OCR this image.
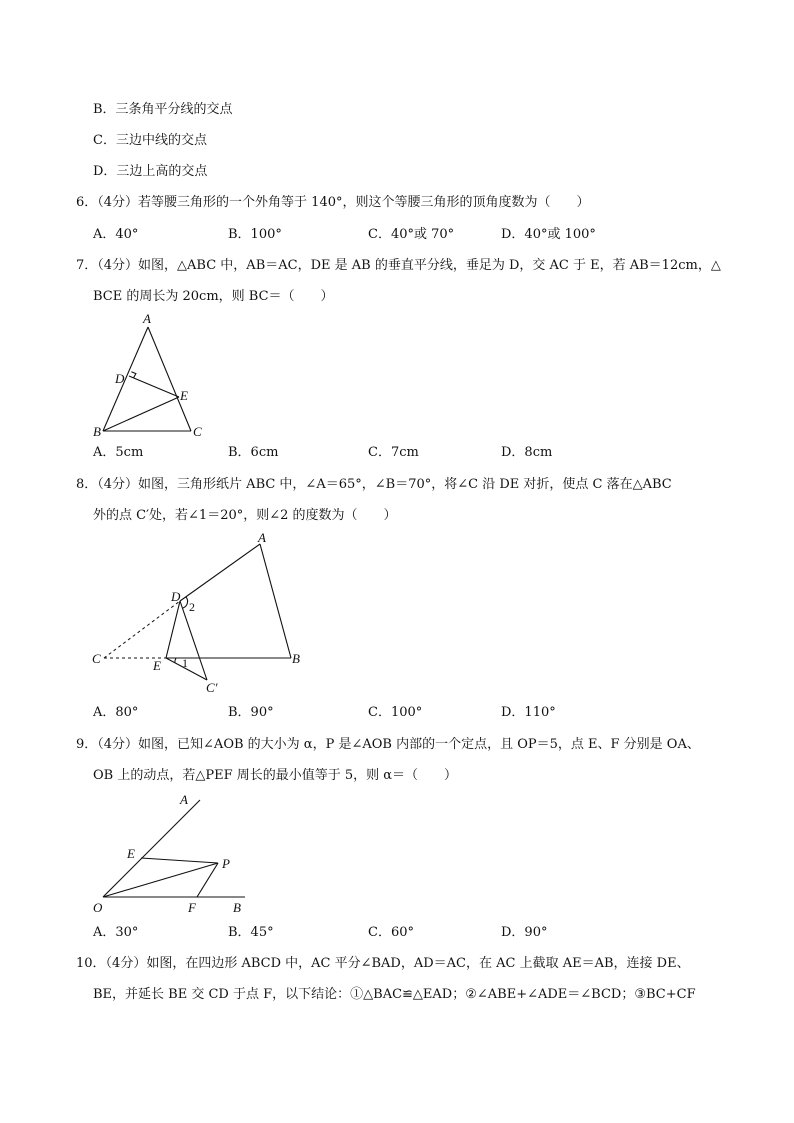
B．三条角平分线的交点
C．三边中线的交点
D．三边上高的交点
6．（4分）若等腰三角形的一个外角等于 140°，则这个等腰三角形的顶角度数为（　　）
A．40°	B．100°	C．40°或 70°	D．40°或 100°
7．（4分）如图，△ABC 中，AB＝AC，DE 是 AB 的垂直平分线，垂足为 D，交 AC 于 E，若 AB＝12cm，△
BCE 的周长为 20cm，则 BC＝（　　）
A
D
E
B	C
A．5cm	B．6cm	C．7cm	D．8cm
8．（4分）如图，三角形纸片 ABC 中，∠A＝65°，∠B＝70°，将∠C 沿 DE 对折，使点 C 落在△ABC
外的点 C′处，若∠1＝20°，则∠2 的度数为（　　）
A
D
2
C	E 1	B
C′
A．80°	B．90°	C．100°	D．110°
9．（4分）如图，已知∠AOB 的大小为 α，P 是∠AOB 内部的一个定点，且 OP＝5，点 E、F 分别是 OA、
OB 上的动点，若△PEF 周长的最小值等于 5，则 α＝（　　）
A
E
P
O	F	B
A．30°	B．45°	C．60°	D．90°
10．（4分）如图，在四边形 ABCD 中，AC 平分∠BAD，AD＝AC，在 AC 上截取 AE＝AB，连接 DE、
BE，并延长 BE 交 CD 于点 F，以下结论：①△BAC≌△EAD；②∠ABE+∠ADE＝∠BCD；③BC+CF
